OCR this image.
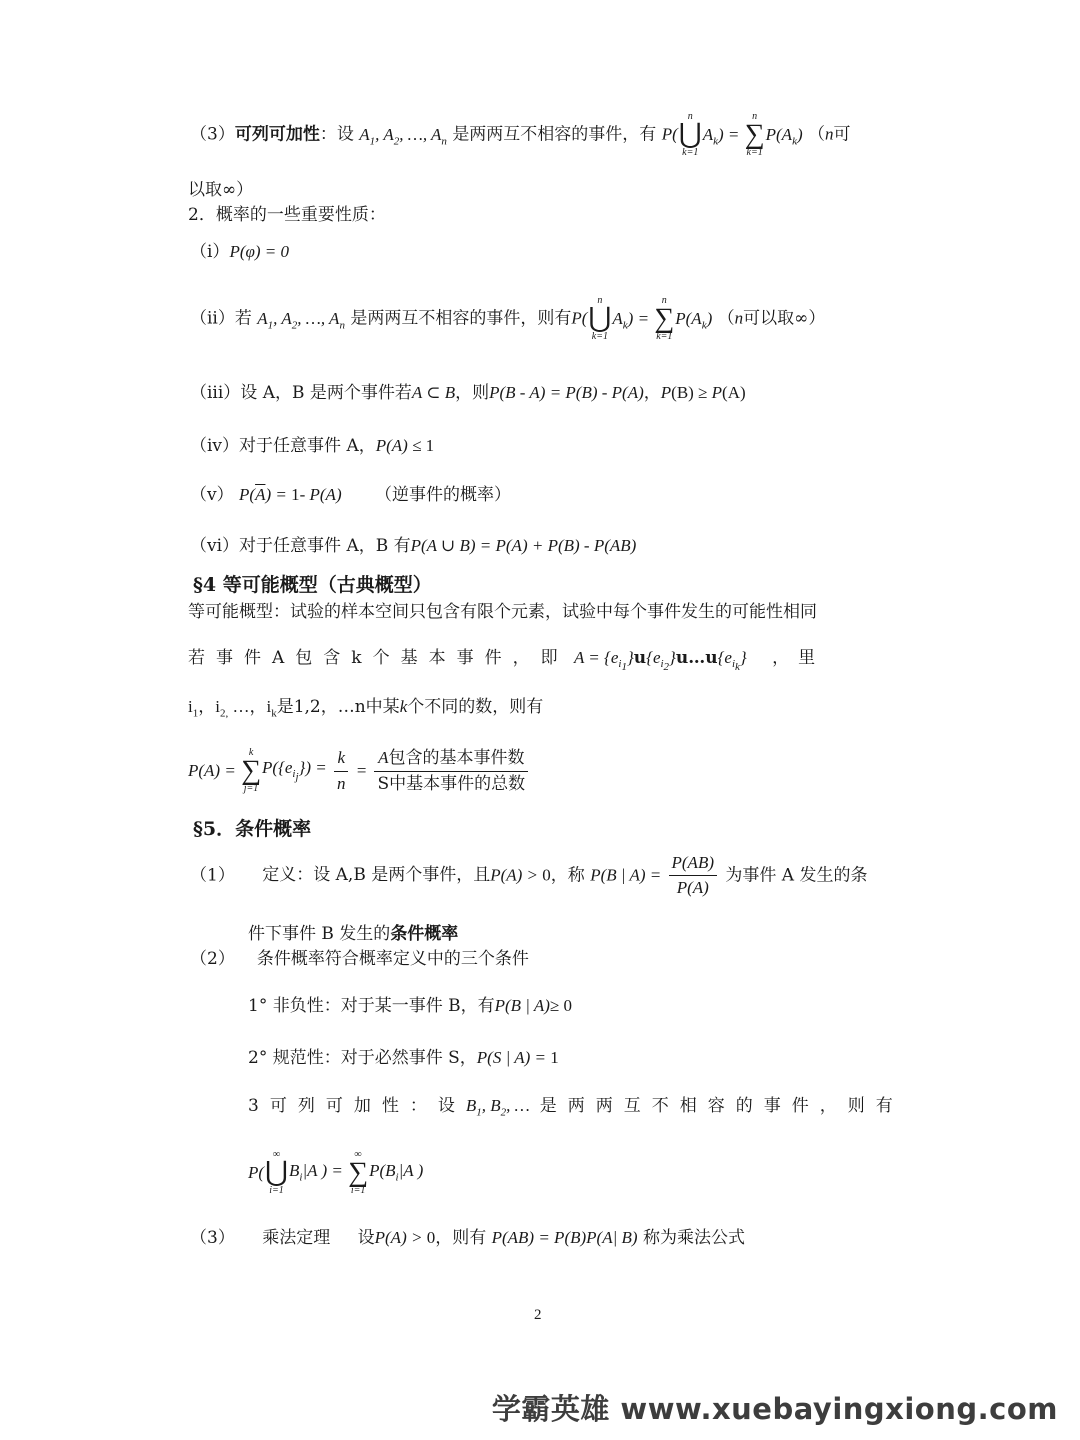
（3）可列可加性：设 $A_1$, $A_2$, …, $A_n$ 是两两互不相容的事件，有 P(
n
⋃
k=1
$A_k$) =
n
∑
k=1
$P(A_k)$ （n可
以取∞）
2．概率的一些重要性质：
（i）P(φ) = 0
（ii）若 $A_1$, $A_2$, …, $A_n$ 是两两互不相容的事件，则有P(
n
⋃
k=1
$A_k$) =
n
∑
k=1
$P(A_k)$ （n可以取∞）
（iii）设 A，B 是两个事件若A ⊂ B，则P(B - A) = P(B) - P(A)，P(B) ≥ P(A)
（iv）对于任意事件 A，P(A) ≤ 1
（v） $P(\overline{A}) = 1-$ P(A) （逆事件的概率）
（vi）对于任意事件 A，B 有P(A ∪ B) = P(A) + P(B) - P(AB)
§4 等可能概型（古典概型）
等可能概型：试验的样本空间只包含有限个元素，试验中每个事件发生的可能性相同
若事件A包含k个基本事件，即 $A = \{e_{i_1}\}u\{e_{i_2}\}u\dots u\{e_{i_k}\}$ ，里
$i_1$，$i_{2,}$ …，$i_k$是1,2，…n中某k个不同的数，则有
P(A) =
k
∑
j=1
$P(\{e_{i_j}\}) = \frac{k}{n} = \frac{\text{A包含的基本事件数}}{\text{S中基本事件的总数}}$
§5．条件概率
（1） 定义：设 A,B 是两个事件，且P(A) > 0，称 P(B | $A) = \frac{P(AB)}{P(A)}$ 为事件 A 发生的条
件下事件 B 发生的条件概率
（2） 条件概率符合概率定义中的三个条件
1° 非负性：对于某一事件 B，有P(B | A)≥ 0
2° 规范性：对于必然事件 S，P(S | A) = 1
3可列可加性：设$B_1$, $B_2$, … 是两两互不相容的事件，则有
P(
∞
⋃
i=1
$B_i|A$ ) =
∞
∑
i=1
$P(B_i|A$ )
（3） 乘法定理 设P(A) > 0，则有 P(AB) = P(B)P(A| B) 称为乘法公式
2
学霸英雄 www.xuebayingxiong.com
